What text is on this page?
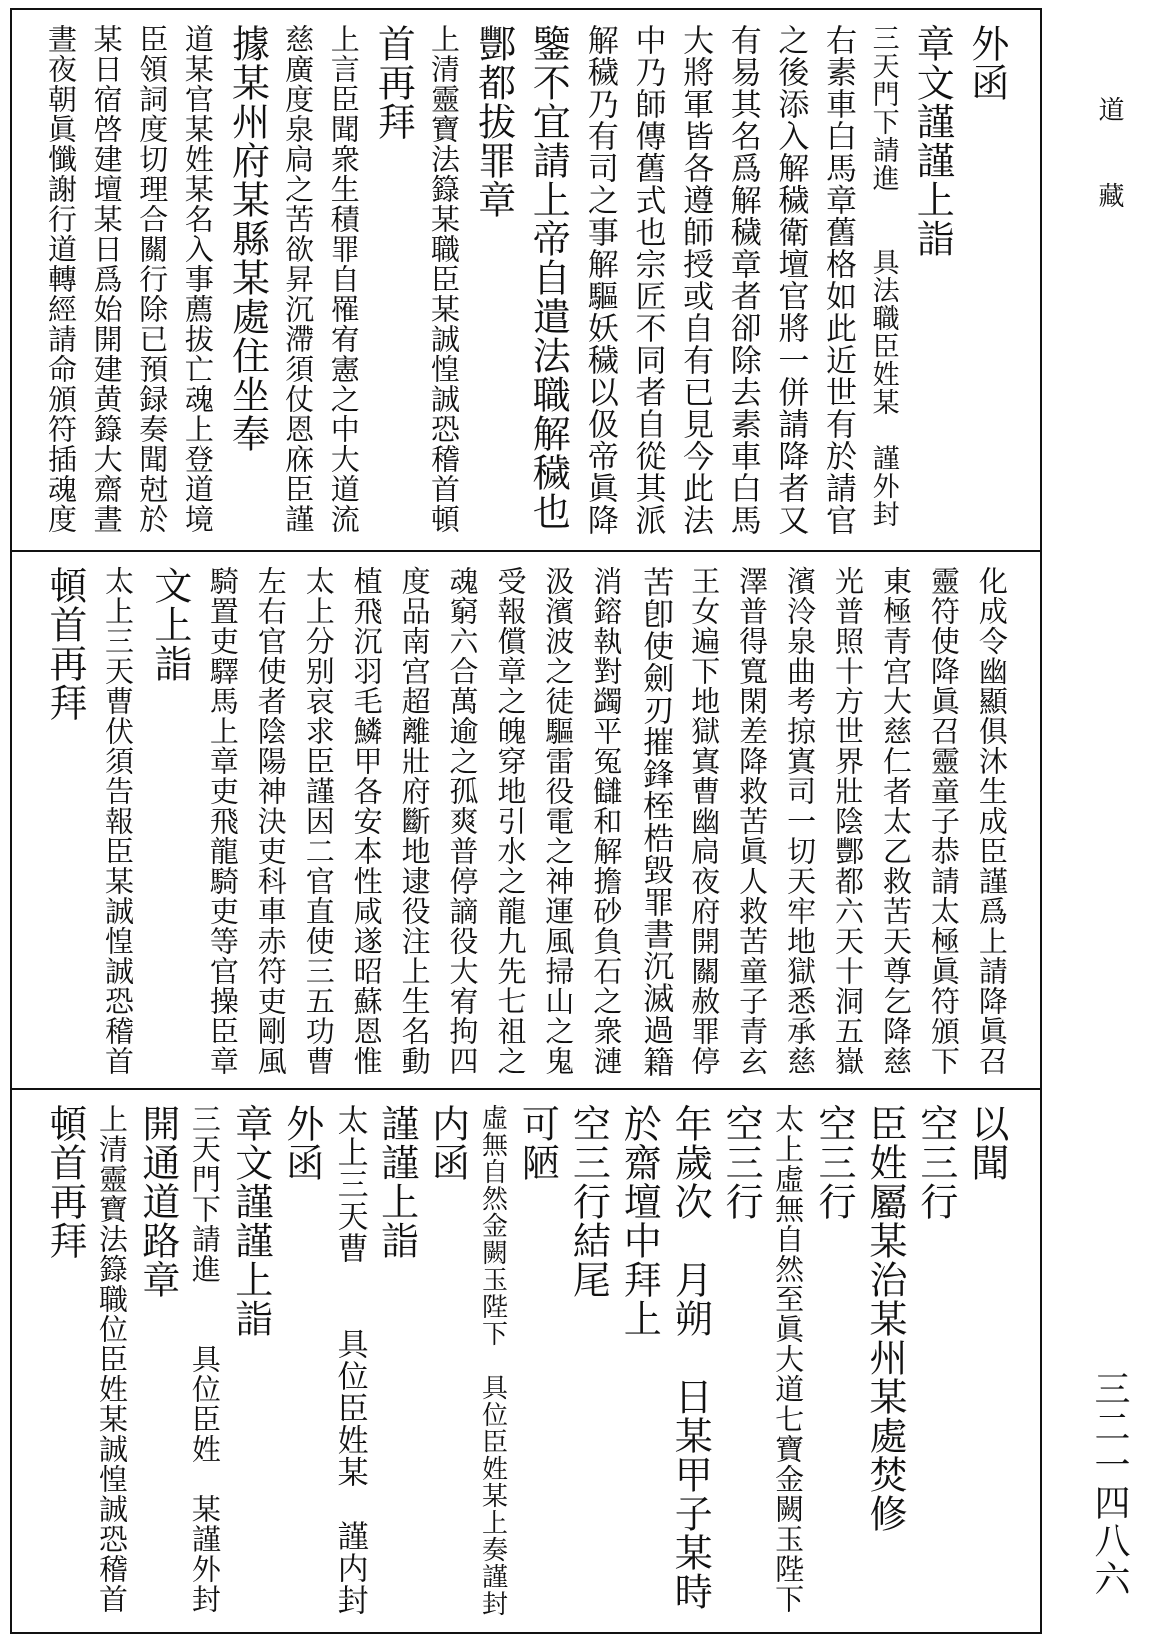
道藏
三二一四八六
外函
章文謹謹上詣
三天門下請進　　具法職臣姓某　謹外封
右素車白馬章舊格如此近世有於請官
之後添入解穢衛壇官將一併請降者又
有易其名爲解穢章者卻除去素車白馬
大將軍皆各遵師授或自有已見今此法
中乃師傳舊式也宗匠不同者自從其派
解穢乃有司之事解驅妖穢以伋帝眞降
鑒不宜請上帝自遣法職解穢也
酆都拔罪章
上清靈寶法籙某職臣某誠惶誠恐稽首頓
首再拜
上言臣聞衆生積罪自罹宥憲之中大道流
慈廣度泉扃之苦欲昇沉滯須仗恩庥臣謹
據某州府某縣某處住坐奉
道某官某姓某名入事薦拔亡魂上登道境
臣領詞度切理合關行除已預録奏聞尅於
某日宿啓建壇某日爲始開建黄籙大齋晝
晝夜朝眞懺謝行道轉經請命頒符插魂度
化成令幽顯俱沐生成臣謹爲上請降眞召
靈符使降眞召靈童子恭請太極眞符頒下
東極青宫大慈仁者太乙救苦天尊乞降慈
光普照十方世界壯陰酆都六天十洞五嶽
濱泠泉曲考掠寘司一切天牢地獄悉承慈
澤普得寬閑差降救苦眞人救苦童子青玄
王女遍下地獄寘曹幽扃夜府開關赦罪停
苦卽使劍刃摧鋒桎梏毀罪書沉滅過籍
消鎔執對蠲平冤讎和解擔砂負石之衆漣
汲濱波之徒驅雷役電之神運風掃山之鬼
受報償章之魄穿地引水之龍九先七祖之
魂窮六合萬逾之孤爽普停謫役大宥拘四
度品南宫超離壯府斷地逮役注上生名動
植飛沉羽毛鱗甲各安本性咸遂昭蘇恩惟
太上分别哀求臣謹因二官直使三五功曹
左右官使者陰陽神決吏科車赤符吏剛風
騎置吏驛馬上章吏飛龍騎吏等官操臣章
文上詣
太上三天曹伏須告報臣某誠惶誠恐稽首
頓首再拜
以聞
空三行
臣姓屬某治某州某處焚修
空三行
太上虛無自然至眞大道七寶金闕玉陛下
空三行
年歲次　月朔　日某甲子某時
於齋壇中拜上
空三行結尾
可陋
虛無自然金闕玉陛下　具位臣姓某上奏謹封
内函
謹謹上詣
太上三天曹　　具位臣姓某　謹内封
外函
章文謹謹上詣
三天門下請進　　具位臣姓　某謹外封
開通道路章
上清靈寶法籙職位臣姓某誠惶誠恐稽首
頓首再拜
